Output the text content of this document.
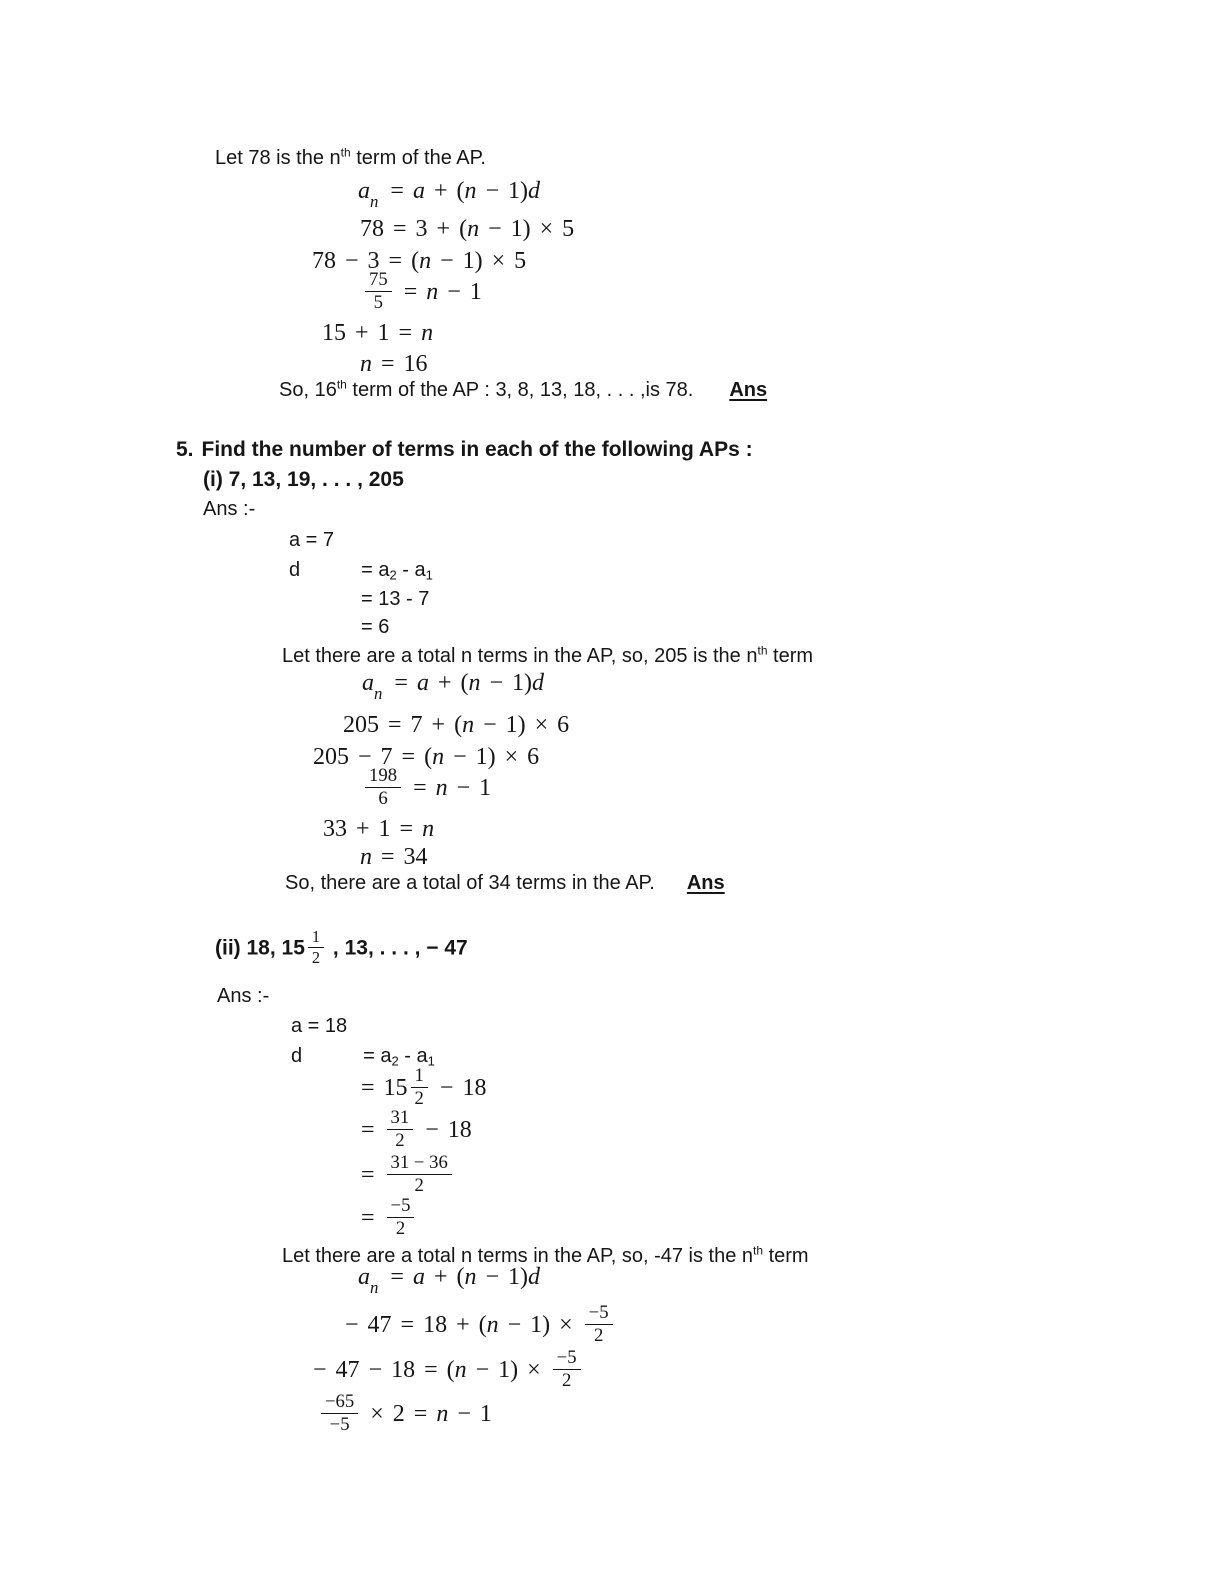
Let 78 is the $n^{th}$ term of the AP.
$a_n = a + (n - 1)d$
78 = 3 + (n − 1) × 5
78 − 3 = (n − 1) × 5
$\frac{75}{5} = n - 1$
15 + 1 = n
n = 16
So, 16th term of the AP : 3, 8, 13, 18, . . . ,is 78. Ans
5. Find the number of terms in each of the following APs :
(i) 7, 13, 19, . . . , 205
Ans :-
a = 7
d	= $a_2 - a_1$
= 13 - 7
= 6
Let there are a total n terms in the AP, so, 205 is the $n^{th}$ term
$a_n = a + (n - 1)d$
205 = 7 + (n − 1) × 6
205 − 7 = (n − 1) × 6
$\frac{198}{6} = n - 1$
33 + 1 = n
n = 34
So, there are a total of 34 terms in the AP. Ans
(ii) 18, $15 \frac{1}{2}$ , 13, . . . , − 47
Ans :-
a = 18
d	= $a_2 - a_1$
= $15 \frac{1}{2} - 18$
= $\frac{31}{2} - 18$
= $\frac{31 - 36}{2}$
= $\frac{-5}{2}$
Let there are a total n terms in the AP, so, -47 is the $n^{th}$ term
$a_n = a + (n - 1)d$
− $47 = 18 + (n - 1) \times \frac{-5}{2}$
− $47 - 18 = (n - 1) \times \frac{-5}{2}$
$\frac{-65}{-5} \times 2 = n - 1$
